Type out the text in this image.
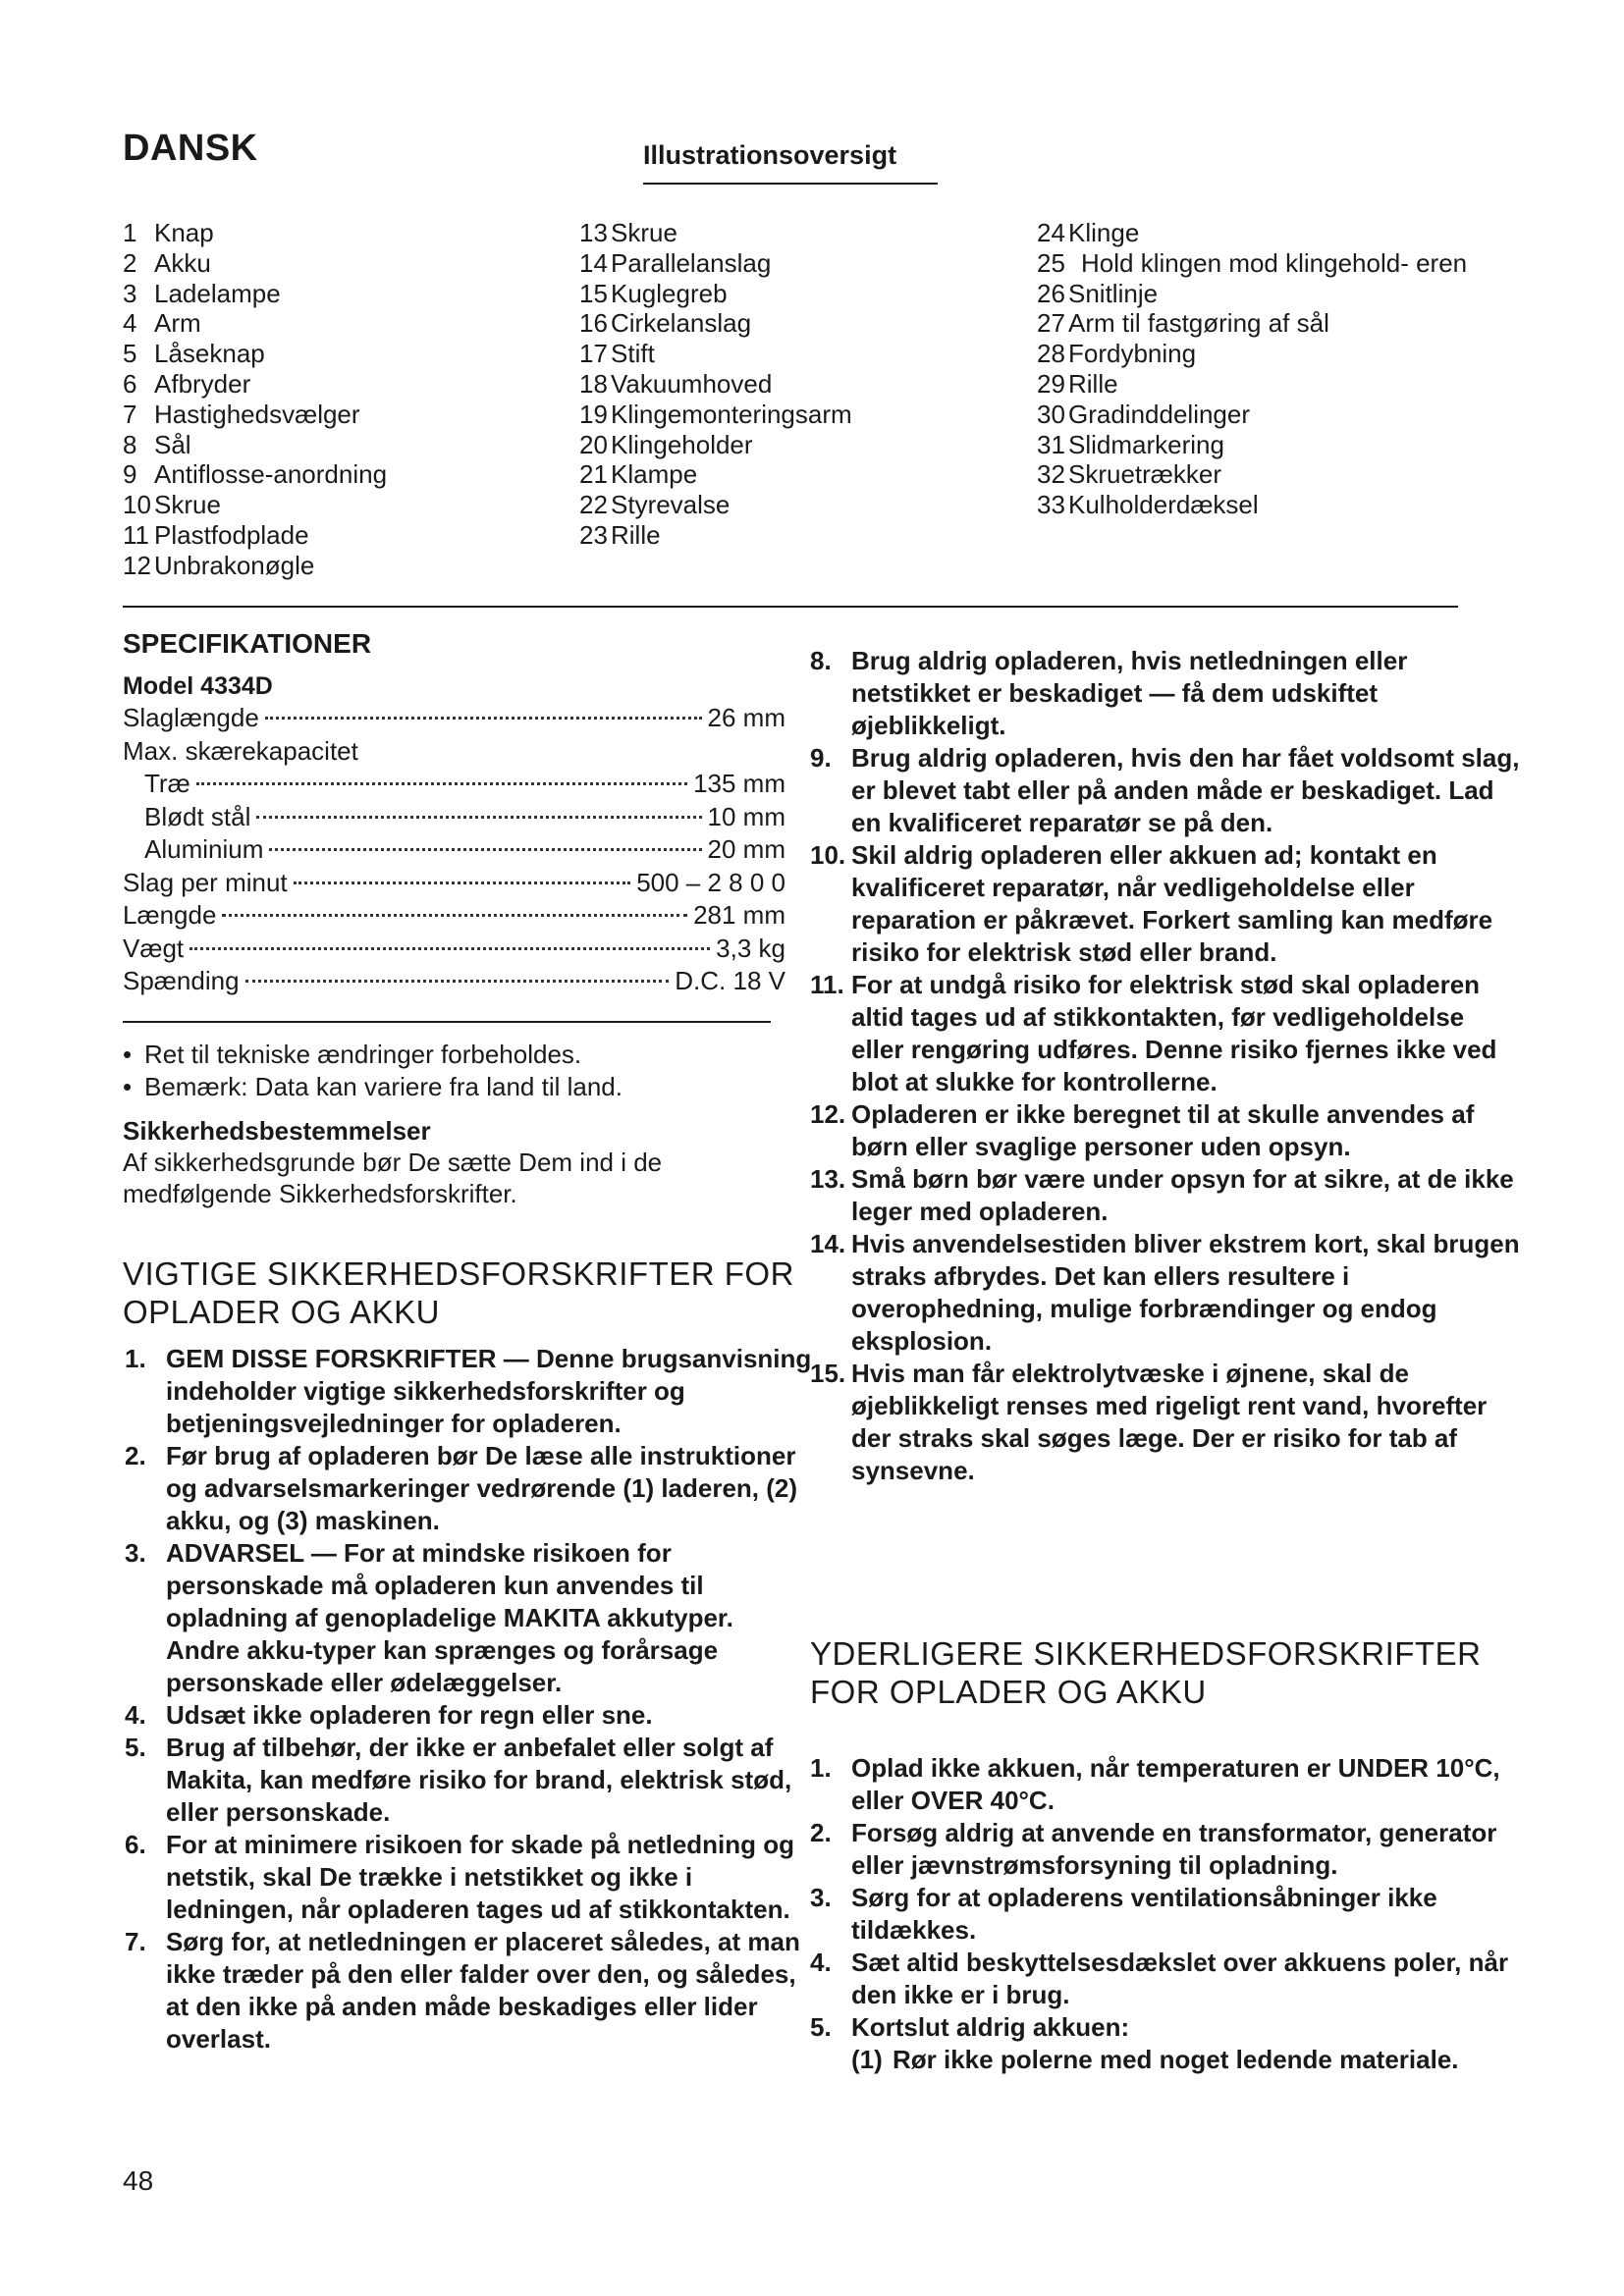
DANSK	Illustrationsoversigt
1 Knap
2 Akku
3 Ladelampe
4 Arm
5 Låseknap
6 Afbryder
7 Hastighedsvælger
8 Sål
9 Antiflosse-anordning
10 Skrue
11 Plastfodplade
12 Unbrakonøgle
13 Skrue
14 Parallelanslag
15 Kuglegreb
16 Cirkelanslag
17 Stift
18 Vakuumhoved
19 Klingemonteringsarm
20 Klingeholder
21 Klampe
22 Styrevalse
23 Rille
24 Klinge
25 Hold klingen mod klingehold- eren
26 Snitlinje
27 Arm til fastgøring af sål
28 Fordybning
29 Rille
30 Gradinddelinger
31 Slidmarkering
32 Skruetrækker
33 Kulholderdæksel
SPECIFIKATIONER
Model 4334D
Slaglængde	26 mm
Max. skærekapacitet
Træ	135 mm
Blødt stål	10 mm
Aluminium	20 mm
Slag per minut	500 – 2 8 0 0
Længde	281 mm
Vægt	3,3 kg
Spænding	D.C. 18 V
• Ret til tekniske ændringer forbeholdes.
• Bemærk: Data kan variere fra land til land.
Sikkerhedsbestemmelser
Af sikkerhedsgrunde bør De sætte Dem ind i de medfølgende Sikkerhedsforskrifter.
VIGTIGE SIKKERHEDSFORSKRIFTER FOR OPLADER OG AKKU
1. GEM DISSE FORSKRIFTER — Denne brugsanvisning indeholder vigtige sikkerhedsforskrifter og betjeningsvejledninger for opladeren.
2. Før brug af opladeren bør De læse alle instruktioner og advarselsmarkeringer vedrørende (1) laderen, (2) akku, og (3) maskinen.
3. ADVARSEL — For at mindske risikoen for personskade må opladeren kun anvendes til opladning af genopladelige MAKITA akkutyper. Andre akku-typer kan sprænges og forårsage personskade eller ødelæggelser.
4. Udsæt ikke opladeren for regn eller sne.
5. Brug af tilbehør, der ikke er anbefalet eller solgt af Makita, kan medføre risiko for brand, elektrisk stød, eller personskade.
6. For at minimere risikoen for skade på netledning og netstik, skal De trække i netstikket og ikke i ledningen, når opladeren tages ud af stikkontakten.
7. Sørg for, at netledningen er placeret således, at man ikke træder på den eller falder over den, og således, at den ikke på anden måde beskadiges eller lider overlast.
8. Brug aldrig opladeren, hvis netledningen eller netstikket er beskadiget — få dem udskiftet øjeblikkeligt.
9. Brug aldrig opladeren, hvis den har fået voldsomt slag, er blevet tabt eller på anden måde er beskadiget. Lad en kvalificeret reparatør se på den.
10. Skil aldrig opladeren eller akkuen ad; kontakt en kvalificeret reparatør, når vedligeholdelse eller reparation er påkrævet. Forkert samling kan medføre risiko for elektrisk stød eller brand.
11. For at undgå risiko for elektrisk stød skal opladeren altid tages ud af stikkontakten, før vedligeholdelse eller rengøring udføres. Denne risiko fjernes ikke ved blot at slukke for kontrollerne.
12. Opladeren er ikke beregnet til at skulle anvendes af børn eller svaglige personer uden opsyn.
13. Små børn bør være under opsyn for at sikre, at de ikke leger med opladeren.
14. Hvis anvendelsestiden bliver ekstrem kort, skal brugen straks afbrydes. Det kan ellers resultere i overophedning, mulige forbrændinger og endog eksplosion.
15. Hvis man får elektrolytvæske i øjnene, skal de øjeblikkeligt renses med rigeligt rent vand, hvorefter der straks skal søges læge. Der er risiko for tab af synsevne.
YDERLIGERE SIKKERHEDSFORSKRIFTER FOR OPLADER OG AKKU
1. Oplad ikke akkuen, når temperaturen er UNDER 10°C, eller OVER 40°C.
2. Forsøg aldrig at anvende en transformator, generator eller jævnstrømsforsyning til opladning.
3. Sørg for at opladerens ventilationsåbninger ikke tildækkes.
4. Sæt altid beskyttelsesdækslet over akkuens poler, når den ikke er i brug.
5. Kortslut aldrig akkuen:
(1) Rør ikke polerne med noget ledende materiale.
48
